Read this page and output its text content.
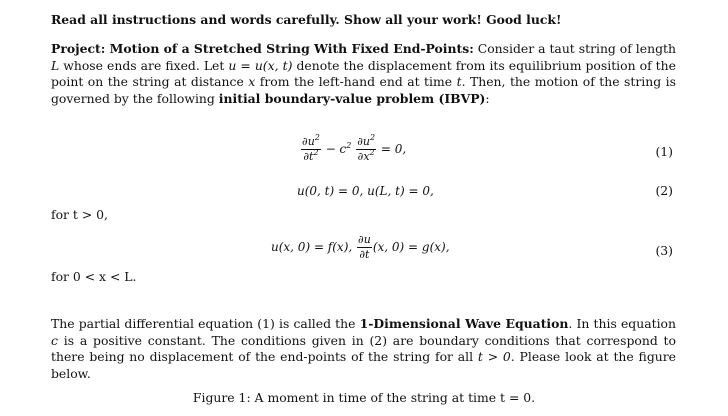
Read all instructions and words carefully. Show all your work! Good luck!

Project: Motion of a Stretched String With Fixed End-Points: Consider a taut string of length L whose ends are fixed. Let u = u(x, t) denote the displacement from its equilibrium position of the point on the string at distance x from the left-hand end at time t. Then, the motion of the string is governed by the following initial boundary-value problem (IBVP):

$\frac{\partial u^2}{\partial t^2} - c^2 \frac{\partial u^2}{\partial x^2} = 0$,	(1)
u(0, t) = 0, u(L, t) = 0,	(2)
for t > 0,
u(x, 0) = f(x), $\frac{\partial u}{\partial t} (x$, 0) = g(x),	(3)
for 0 < x < L.

The partial differential equation (1) is called the 1-Dimensional Wave Equation. In this equation c is a positive constant. The conditions given in (2) are boundary conditions that correspond to there being no displacement of the end-points of the string for all t > 0. Please look at the figure below.

Figure 1: A moment in time of the string at time t = 0.
